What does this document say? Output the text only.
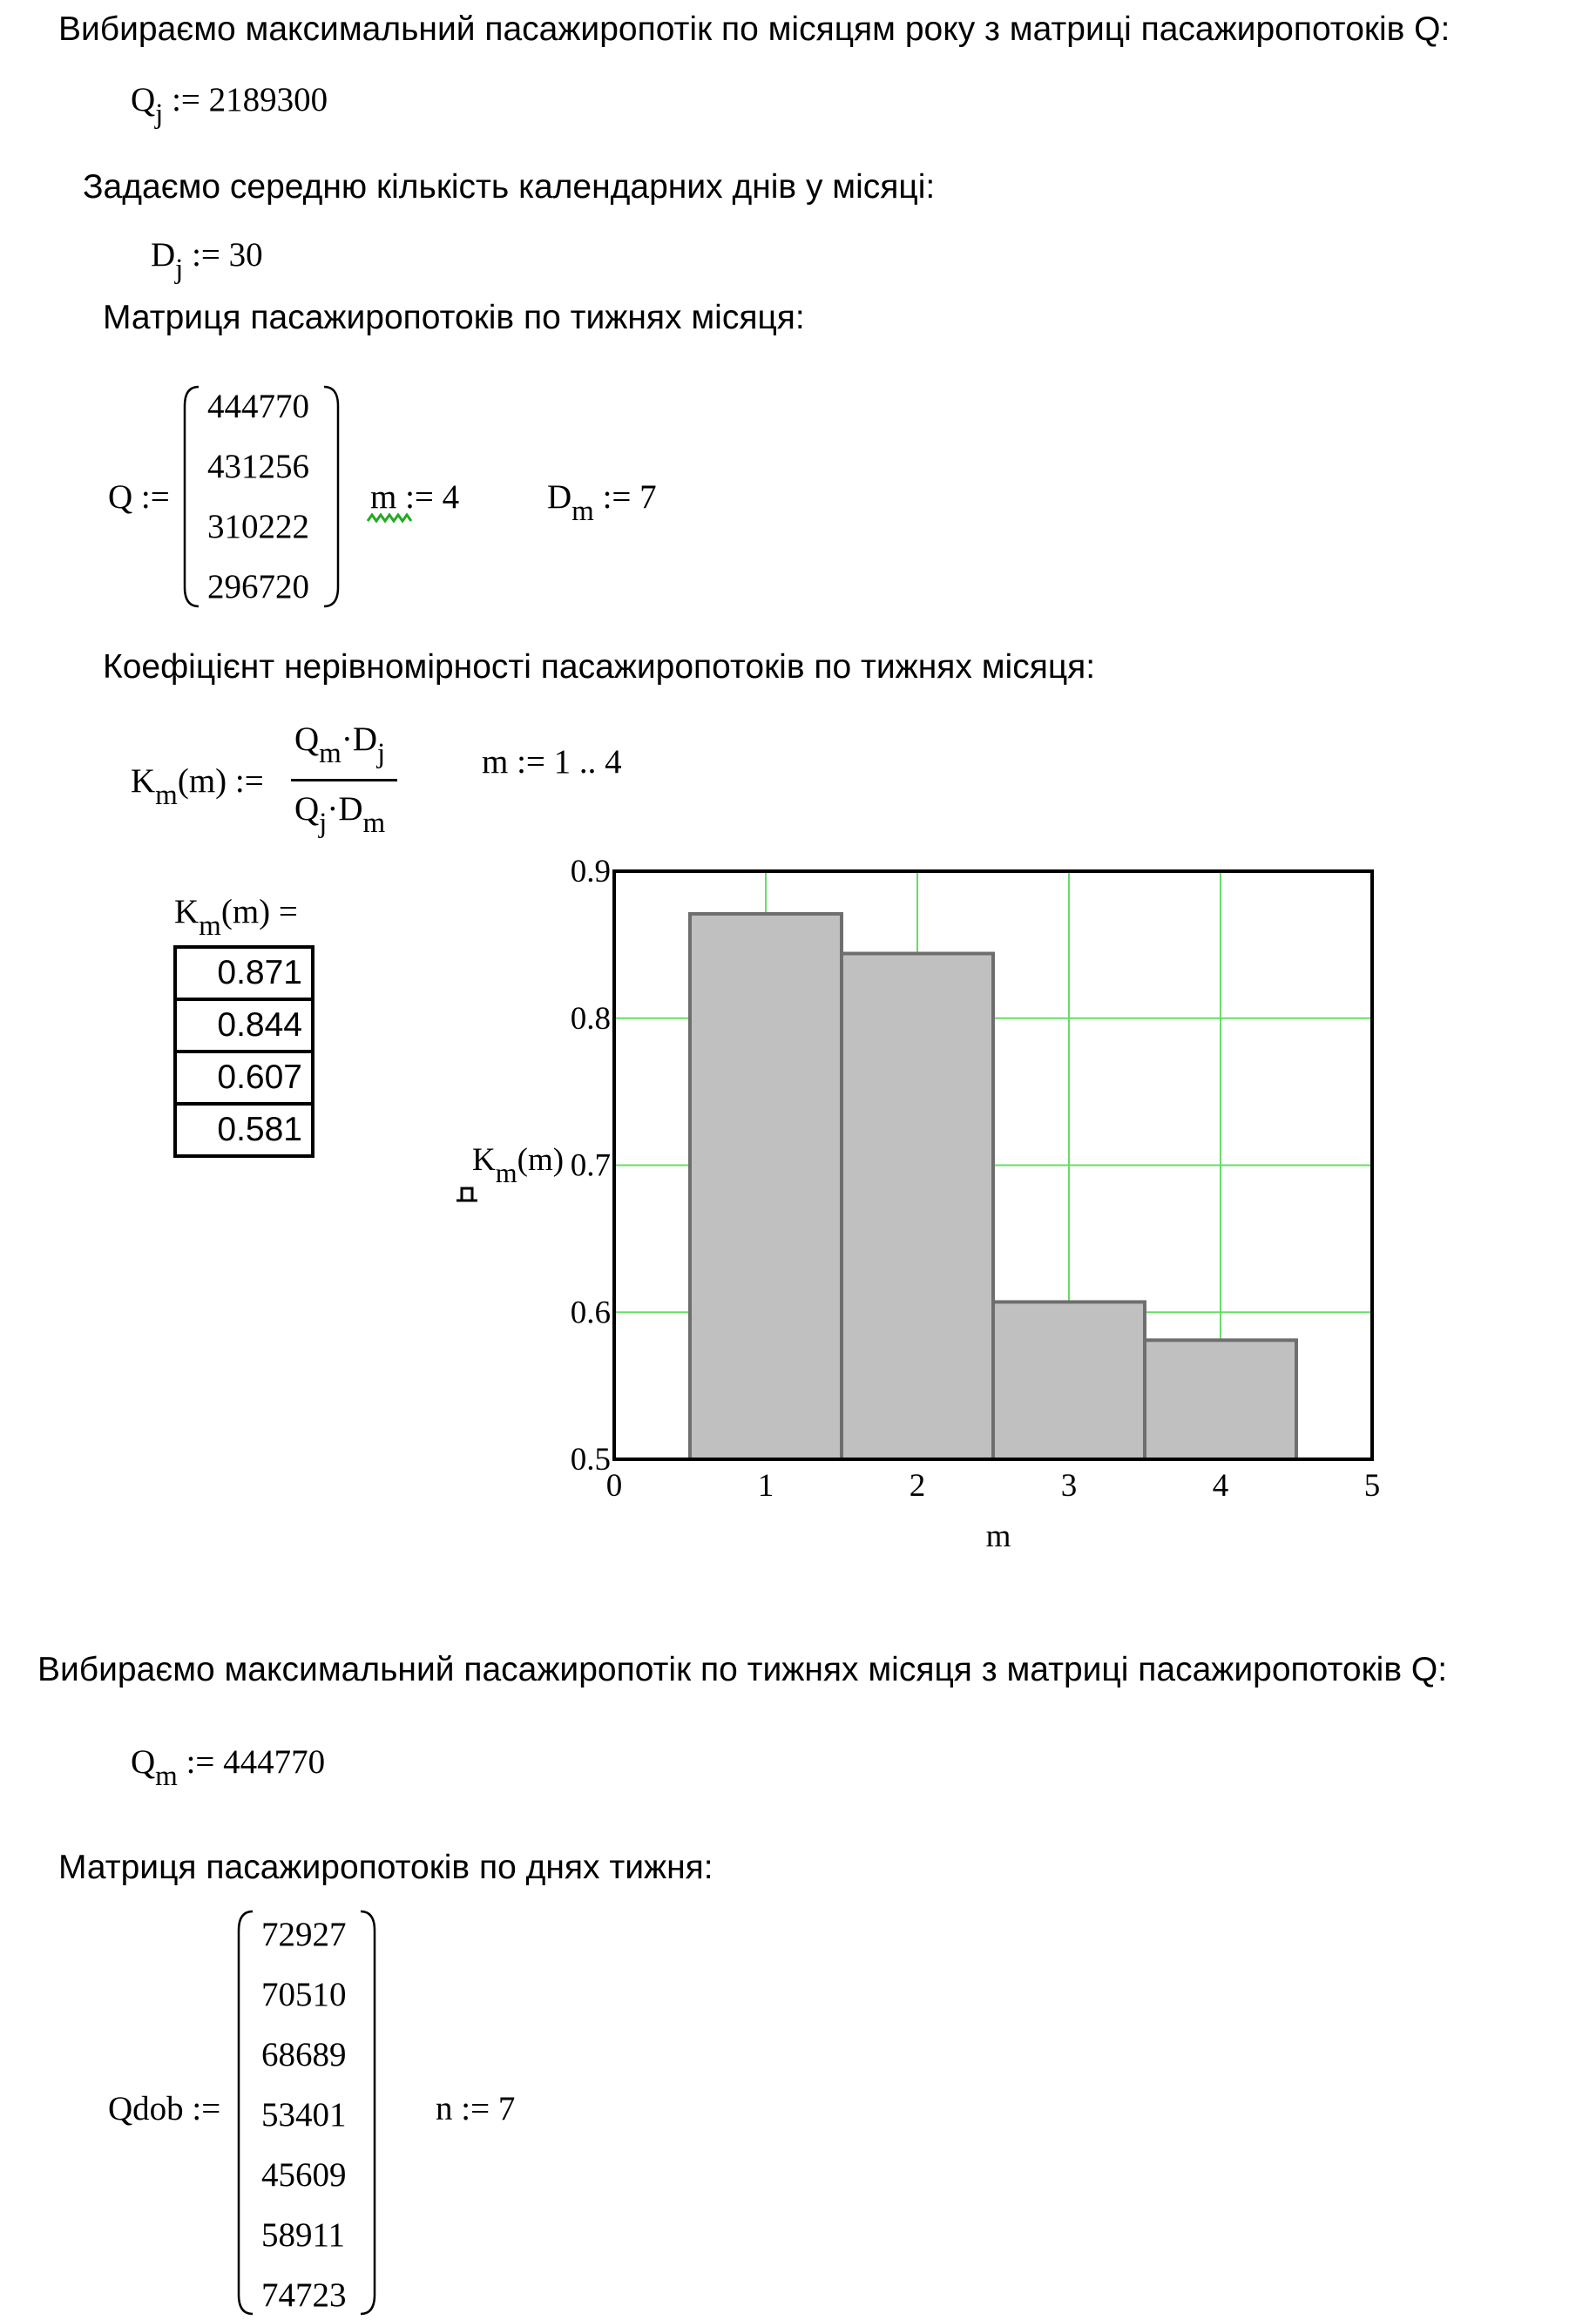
Вибираємо максимальний пасажиропотік по місяцям року з матриці пасажиропотоків Q:
$Q_j$ := 2189300
Задаємо середню кількість календарних днів у місяці:
$D_j$ := 30
Матриця пасажиропотоків по тижнях місяця:
Q :=
444770
431256
310222
296720
m := 4	$D_m$ := 7
Коефіцієнт нерівномірності пасажиропотоків по тижнях місяця:
$K_m(m)$ :=
$Q_m\cdot D_j$
$Q_j\cdot D_m$
m := 1 .. 4
$K_m(m)$ =
0.871
0.844
0.607
0.581
0	1	2	3	4	5
0.5
0.6
0.7
0.8
0.9
m
Km(m)
Вибираємо максимальний пасажиропотік по тижнях місяця з матриці пасажиропотоків Q:
$Q_m$ := 444770
Матриця пасажиропотоків по днях тижня:
Qdob :=
72927
70510
68689
53401
45609
58911
74723
n := 7
